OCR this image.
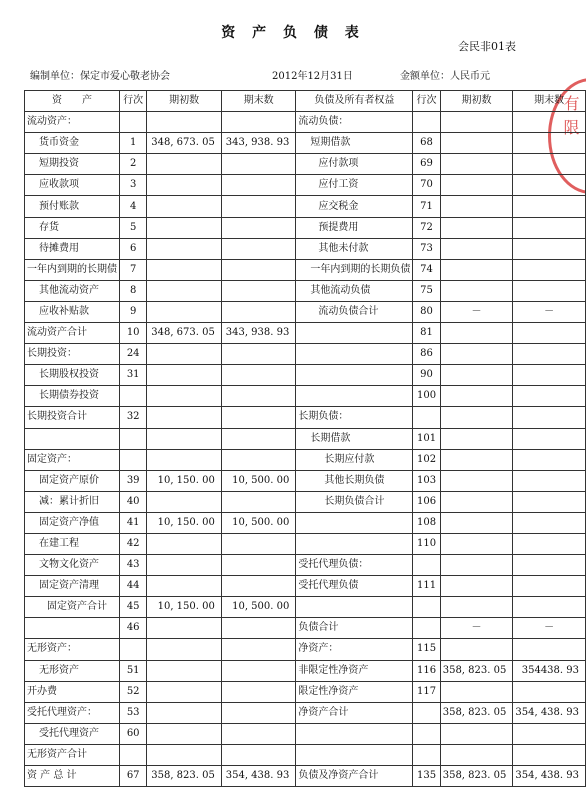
资 产 负 债 表
会民非01表
编制单位：保定市爱心敬老协会	2012年12月31日	金额单位：人民币元
有限
资　　产	行次	期初数	期末数	负债及所有者权益	行次	期初数	期末数
流动资产：				流动负债：			
货币资金	1	348, 673. 05	343, 938. 93	短期借款	68		
短期投资	2			应付款项	69		
应收款项	3			应付工资	70		
预付账款	4			应交税金	71		
存货	5			预提费用	72		
待摊费用	6			其他未付款	73		
一年内到期的长期债	7			一年内到期的长期负债	74		
其他流动资产	8			其他流动负债	75		
应收补贴款	9			流动负债合计	80	－	－
流动资产合计	10	348, 673. 05	343, 938. 93		81		
长期投资：	24				86		
长期股权投资	31				90		
长期债券投资					100		
长期投资合计	32			长期负债：			
				长期借款	101		
固定资产：				长期应付款	102		
固定资产原价	39	10, 150. 00	10, 500. 00	其他长期负债	103		
减：累计折旧	40			长期负债合计	106		
固定资产净值	41	10, 150. 00	10, 500. 00		108		
在建工程	42				110		
文物文化资产	43			受托代理负债：			
固定资产清理	44			受托代理负债	111		
固定资产合计	45	10, 150. 00	10, 500. 00				
	46			负债合计		－	－
无形资产：				净资产：	115		
无形资产	51			非限定性净资产	116	358, 823. 05	354438. 93
开办费	52			限定性净资产	117		
受托代理资产：	53			净资产合计		358, 823. 05	354, 438. 93
受托代理资产	60						
无形资产合计							
资 产 总 计	67	358, 823. 05	354, 438. 93	负债及净资产合计	135	358, 823. 05	354, 438. 93
